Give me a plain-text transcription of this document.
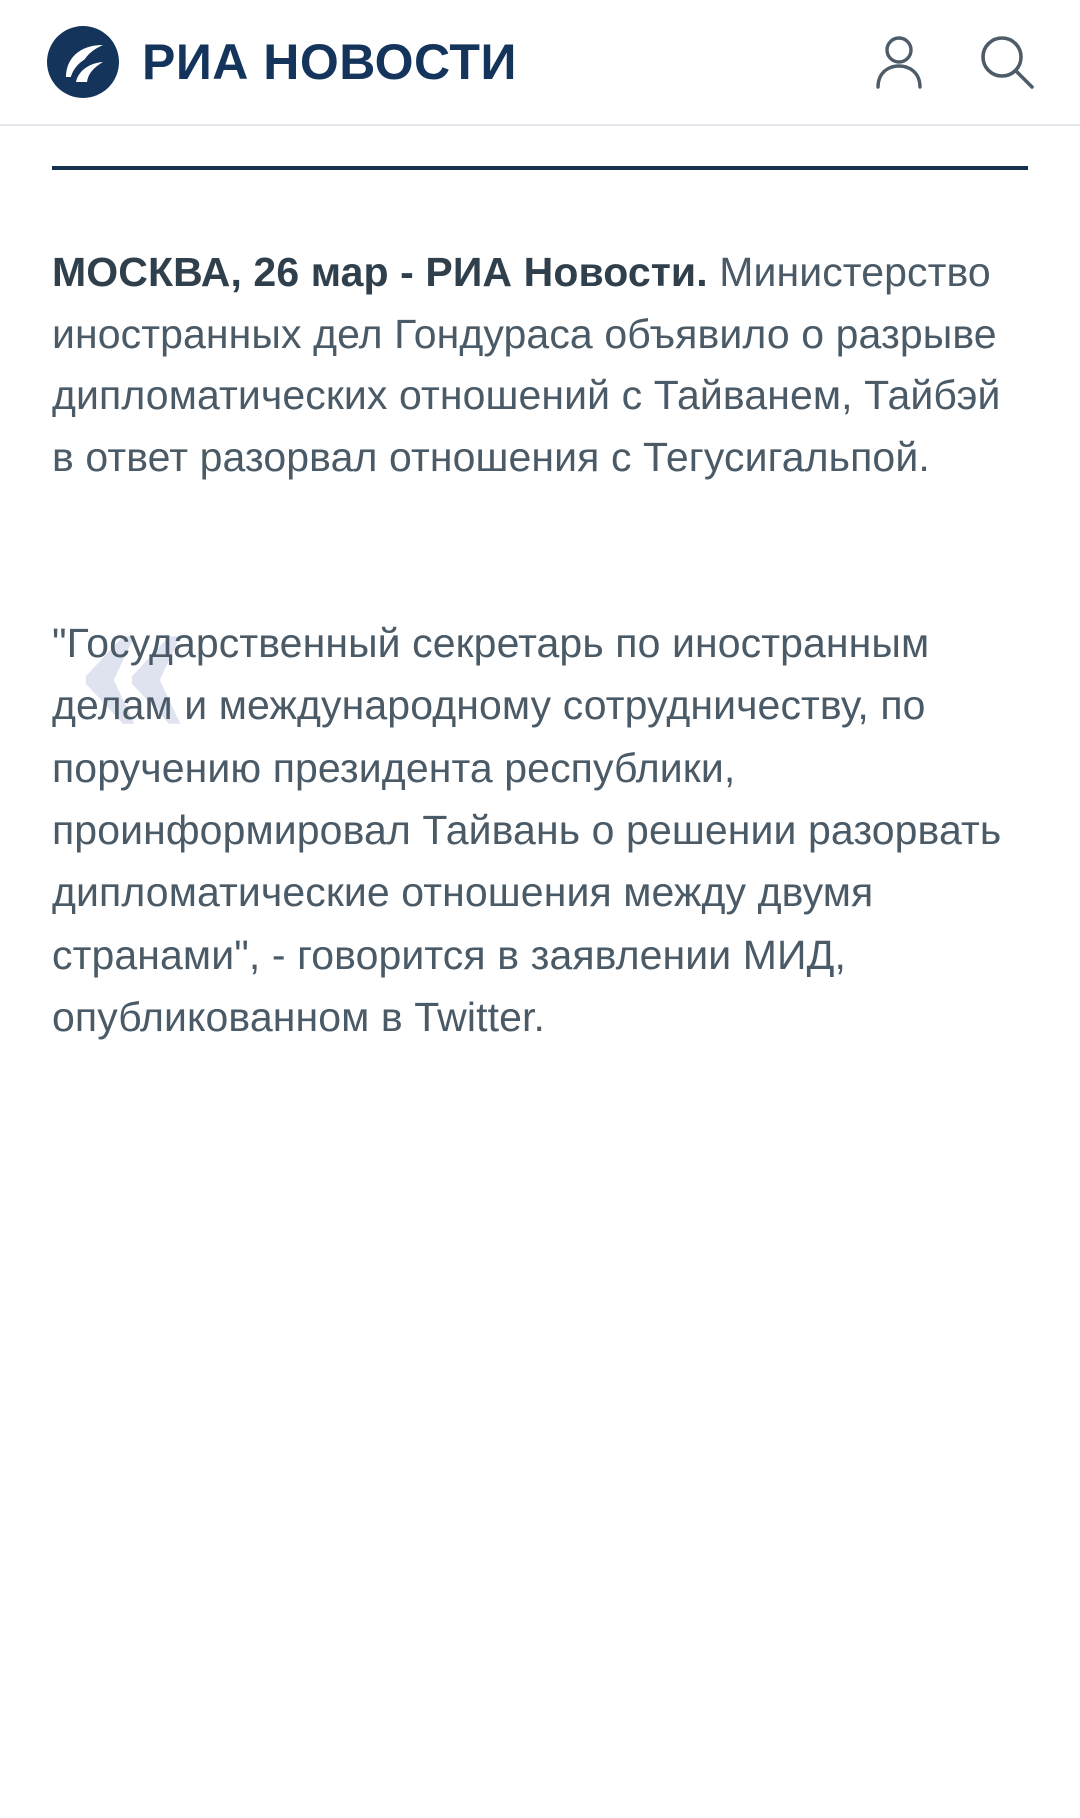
РИА НОВОСТИ

МОСКВА, 26 мар - РИА Новости. Министерство иностранных дел Гондураса объявило о разрыве дипломатических отношений с Тайванем, Тайбэй в ответ разорвал отношения с Тегусигальпой.

«

"Государственный секретарь по иностранным делам и международному сотрудничеству, по поручению президента республики, проинформировал Тайвань о решении разорвать дипломатические отношения между двумя странами", - говорится в заявлении МИД, опубликованном в Twitter.
